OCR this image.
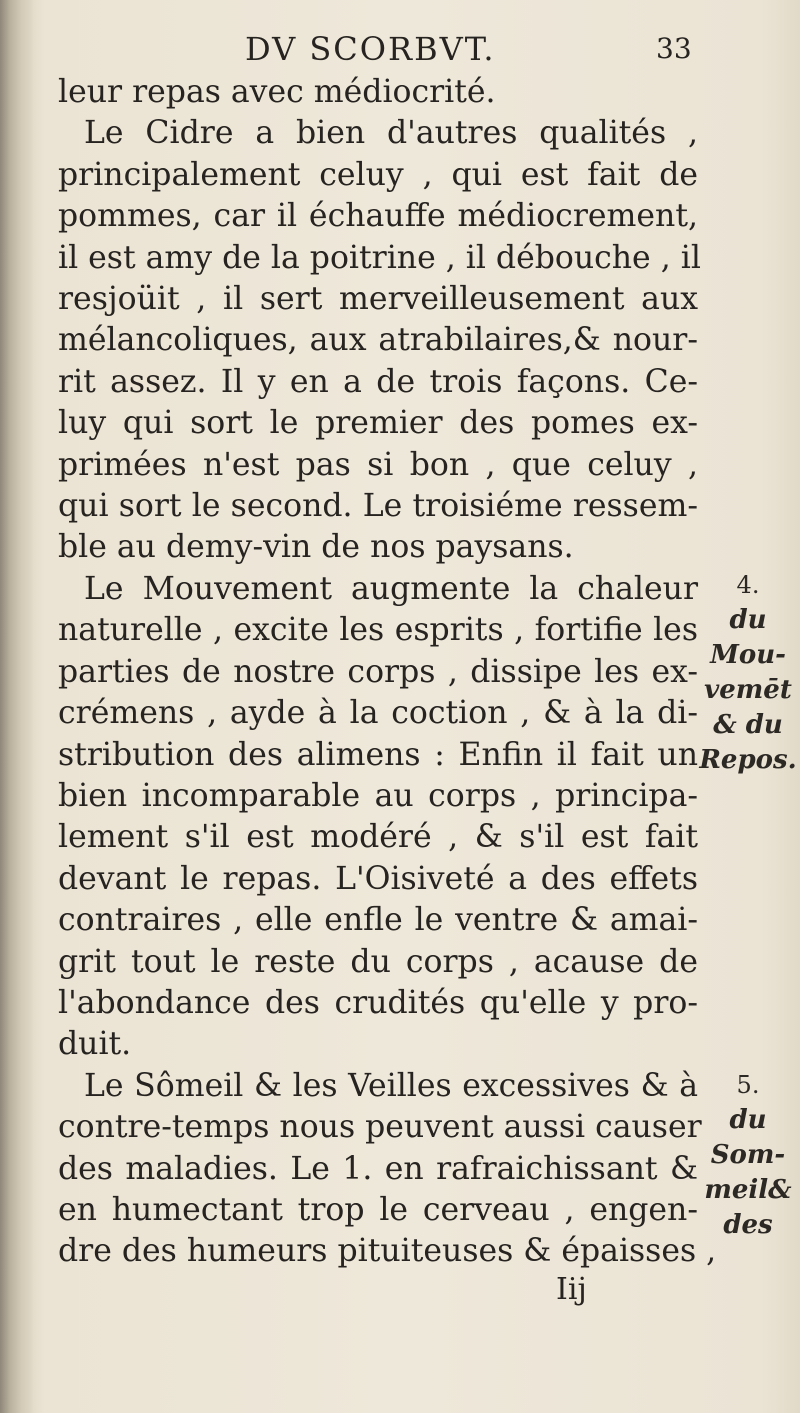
DV SCORBVT.	33

leur repas avec médiocrité.

Le Cidre a bien d'autres qualités ,
principalement celuy , qui est fait de
pommes, car il échauffe médiocrement,
il est amy de la poitrine , il débouche , il
resjoüit , il sert merveilleusement aux
mélancoliques, aux atrabilaires,& nour-
rit assez. Il y en a de trois façons. Ce-
luy qui sort le premier des pomes ex-
primées n'est pas si bon , que celuy ,
qui sort le second. Le troisiéme ressem-
ble au demy-vin de nos paysans.

Le Mouvement augmente la chaleur
naturelle , excite les esprits , fortifie les
parties de nostre corps , dissipe les ex-
crémens , ayde à la coction , & à la di-
stribution des alimens : Enfin il fait un
bien incomparable au corps , principa-
lement s'il est modéré , & s'il est fait
devant le repas. L'Oisiveté a des effets
contraires , elle enfle le ventre & amai-
grit tout le reste du corps , acause de
l'abondance des crudités qu'elle y pro-
duit.

Le Sômeil & les Veilles excessives & à
contre-temps nous peuvent aussi causer
des maladies. Le 1. en rafraichissant &
en humectant trop le cerveau , engen-
dre des humeurs pituiteuses & épaisses ,

4.
du
Mou-
vemēt
& du
Repos.
5.
du
Som-
meil&
des
Iij
